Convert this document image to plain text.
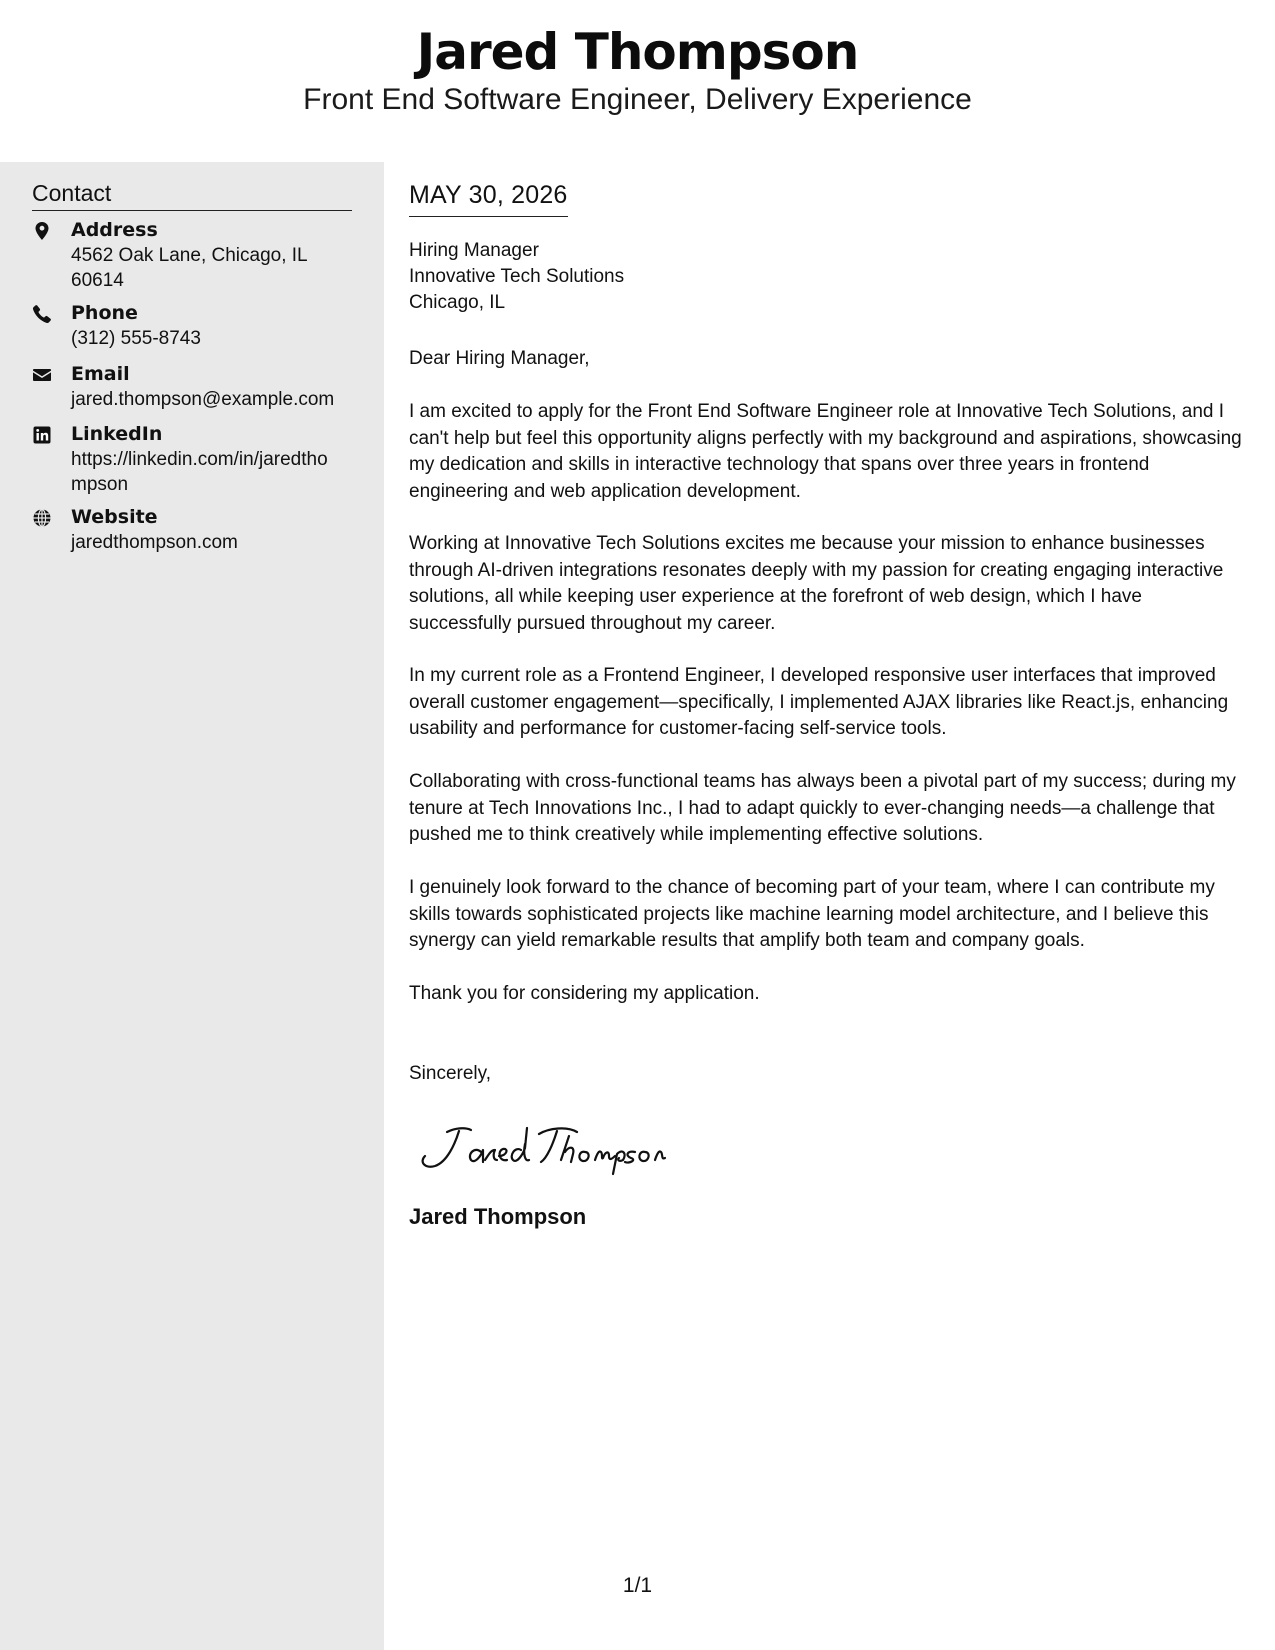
Jared Thompson
Front End Software Engineer, Delivery Experience
Contact
Address
4562 Oak Lane, Chicago, IL 60614
Phone
(312) 555-8743
Email
jared.thompson@example.com
LinkedIn
https://linkedin.com/in/jaredthompson
Website
jaredthompson.com
MAY 30, 2026
Hiring Manager
Innovative Tech Solutions
Chicago, IL
Dear Hiring Manager,
I am excited to apply for the Front End Software Engineer role at Innovative Tech Solutions, and I can't help but feel this opportunity aligns perfectly with my background and aspirations, showcasing my dedication and skills in interactive technology that spans over three years in frontend engineering and web application development.
Working at Innovative Tech Solutions excites me because your mission to enhance businesses through AI-driven integrations resonates deeply with my passion for creating engaging interactive solutions, all while keeping user experience at the forefront of web design, which I have successfully pursued throughout my career.
In my current role as a Frontend Engineer, I developed responsive user interfaces that improved overall customer engagement—specifically, I implemented AJAX libraries like React.js, enhancing usability and performance for customer-facing self-service tools.
Collaborating with cross-functional teams has always been a pivotal part of my success; during my tenure at Tech Innovations Inc., I had to adapt quickly to ever-changing needs—a challenge that pushed me to think creatively while implementing effective solutions.
I genuinely look forward to the chance of becoming part of your team, where I can contribute my skills towards sophisticated projects like machine learning model architecture, and I believe this synergy can yield remarkable results that amplify both team and company goals.
Thank you for considering my application.
Sincerely,
Jared Thompson
1/1
